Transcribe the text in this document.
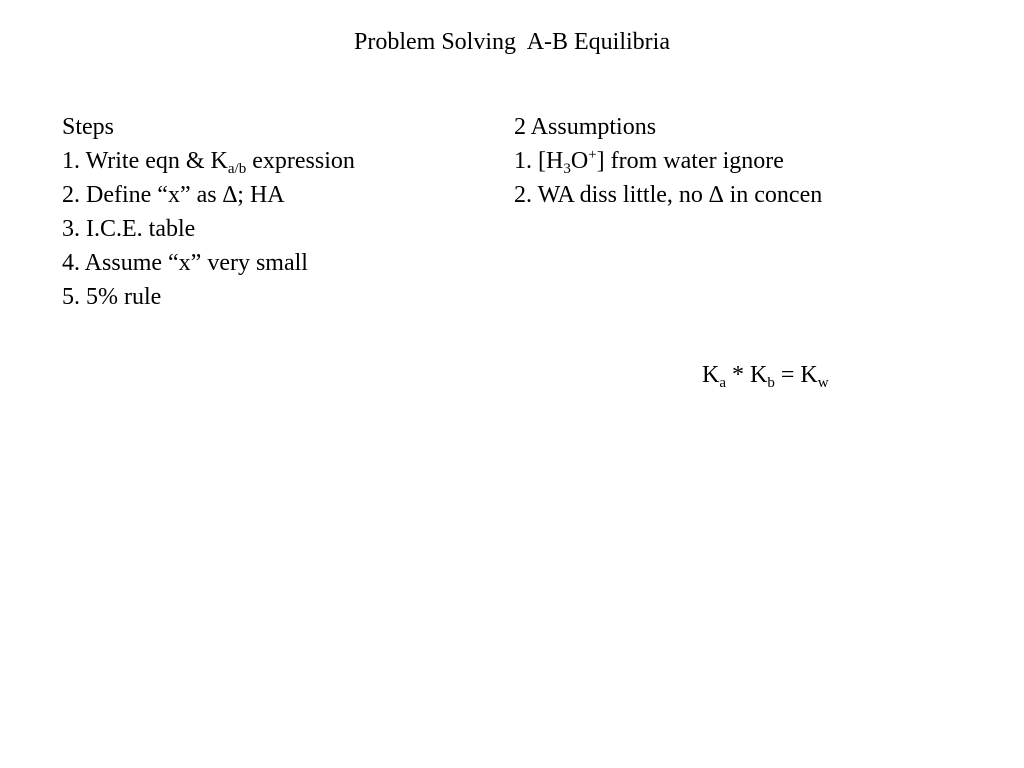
Problem Solving  A-B Equilibria
Steps
1. Write eqn & $K_{a/b}$ expression
2. Define “x” as ∆; HA
3. I.C.E. table
4. Assume “x” very small
5. 5% rule
2 Assumptions
1. $[H_3O^+]$ from water ignore
2. WA diss little, no ∆ in concen
$K_a * K_b = K_w$
